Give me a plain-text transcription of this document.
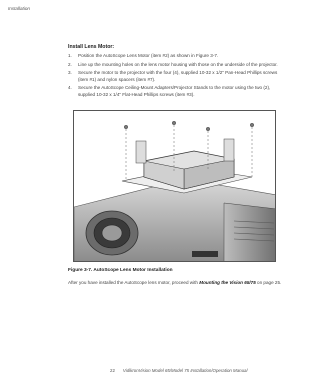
Installation

Install Lens Motor:

1. Position the AutoScope Lens Motor (item #2) as shown in Figure 3-7.
2. Line up the mounting holes on the lens motor housing with those on the underside of the projector.
3. Secure the motor to the projector with the four (4), supplied 10-32 x 1/2" Pan-Head Phillips screws (item #1) and nylon spacers (item #7).
4. Secure the AutoScope Ceiling-Mount Adapters/Projector Stands to the motor using the two (2), supplied 10-32 x 1/4" Flat-Head Phillips screws (item #3).
Figure 3-7. AutoScope Lens Motor Installation
After you have installed the AutoScope lens motor, proceed with Mounting the Vision 65/75 on page 25.
22 VidikronVision Model 65/Model 75 Installation/Operation Manual
